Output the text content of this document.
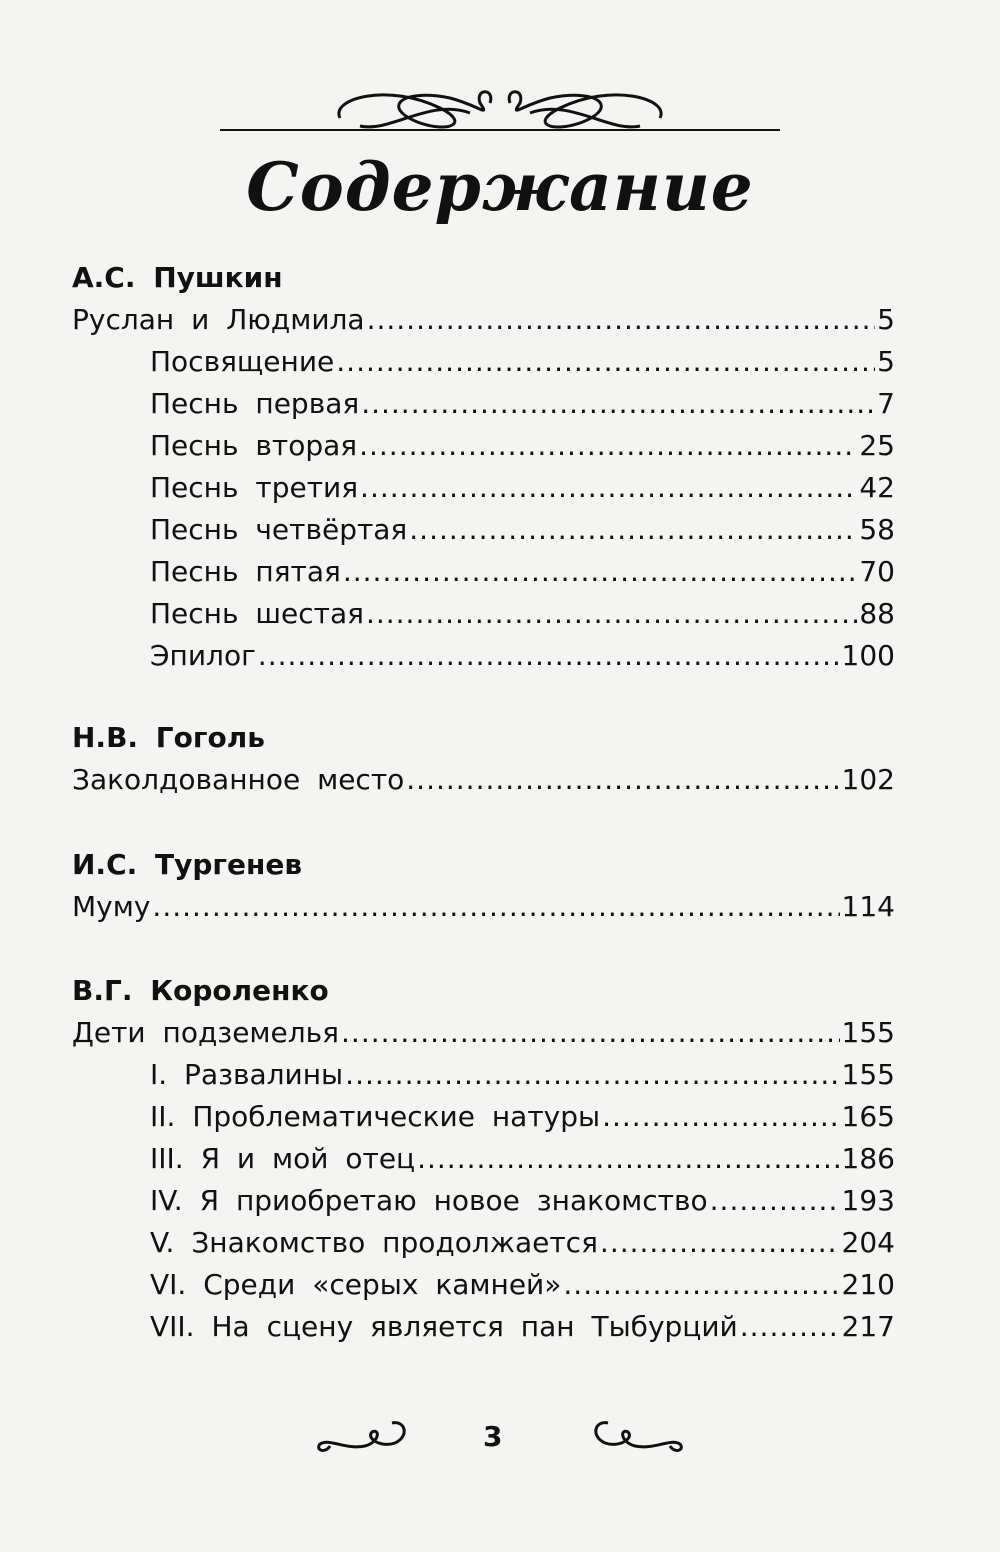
Содержание
А.С. Пушкин
Руслан и Людмила .....	5
Посвящение .....	5
Песнь первая .....	7
Песнь вторая .....	25
Песнь третия .....	42
Песнь четвёртая .....	58
Песнь пятая .....	70
Песнь шестая .....	88
Эпилог .....	100
Н.В. Гоголь
Заколдованное место .....	102
И.С. Тургенев
Муму .....	114
В.Г. Короленко
Дети подземелья .....	155
I. Развалины .....	155
II. Проблематические натуры .....	165
III. Я и мой отец .....	186
IV. Я приобретаю новое знакомство .....	193
V. Знакомство продолжается .....	204
VI. Среди «серых камней» .....	210
VII. На сцену является пан Тыбурций .....	217
3
